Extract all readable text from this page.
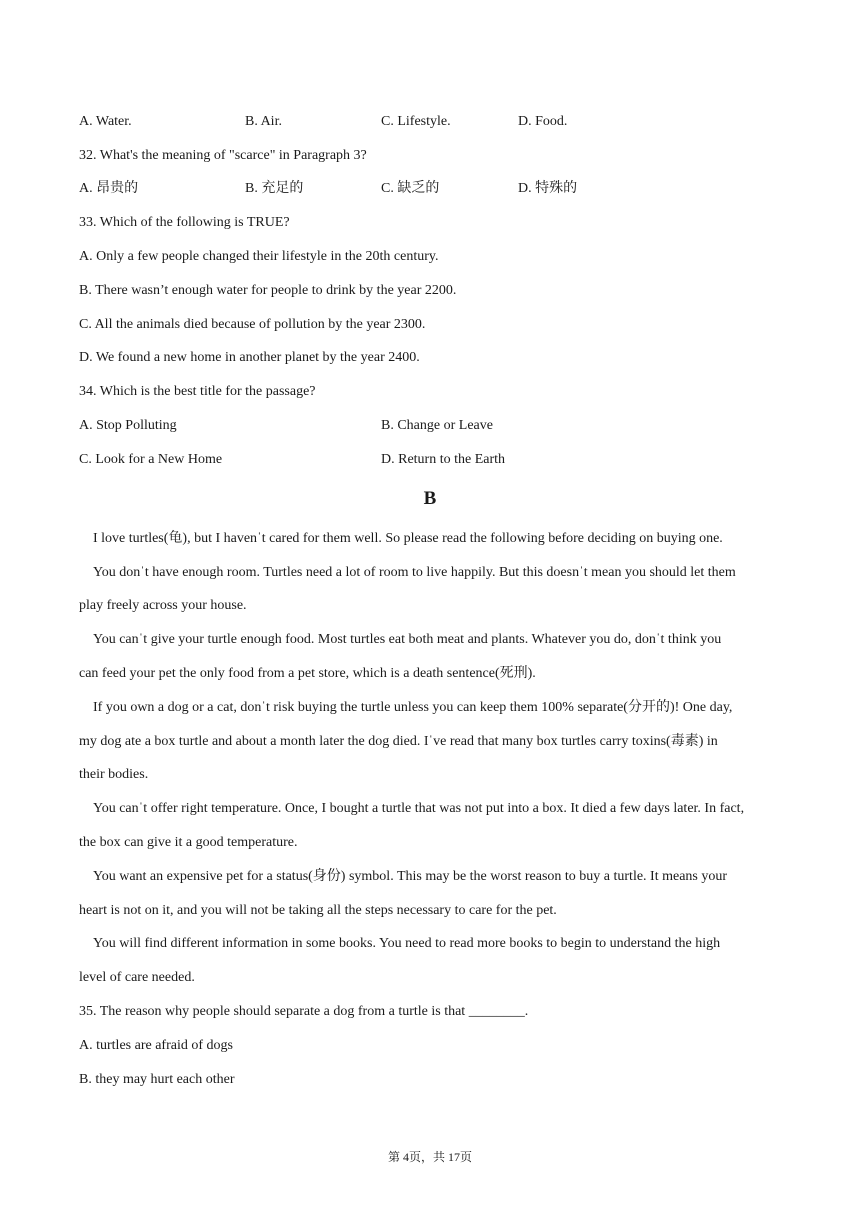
A. Water.	B. Air.	C. Lifestyle.	D. Food.
32. What's the meaning of "scarce" in Paragraph 3?
A. 昂贵的	B. 充足的	C. 缺乏的	D. 特殊的
33. Which of the following is TRUE?
A. Only a few people changed their lifestyle in the 20th century.
B. There wasn’t enough water for people to drink by the year 2200.
C. All the animals died because of pollution by the year 2300.
D. We found a new home in another planet by the year 2400.
34. Which is the best title for the passage?
A. Stop Polluting	B. Change or Leave
C. Look for a New Home	D. Return to the Earth
B
I love turtles(龟), but I havenˈt cared for them well. So please read the following before deciding on buying one.
You donˈt have enough room. Turtles need a lot of room to live happily. But this doesnˈt mean you should let them
play freely across your house.
You canˈt give your turtle enough food. Most turtles eat both meat and plants. Whatever you do, donˈt think you
can feed your pet the only food from a pet store, which is a death sentence(死刑).
If you own a dog or a cat, donˈt risk buying the turtle unless you can keep them 100% separate(分开的)! One day,
my dog ate a box turtle and about a month later the dog died. Iˈve read that many box turtles carry toxins(毒素) in
their bodies.
You canˈt offer right temperature. Once, I bought a turtle that was not put into a box. It died a few days later. In fact,
the box can give it a good temperature.
You want an expensive pet for a status(身份) symbol. This may be the worst reason to buy a turtle. It means your
heart is not on it, and you will not be taking all the steps necessary to care for the pet.
You will find different information in some books. You need to read more books to begin to understand the high
level of care needed.
35. The reason why people should separate a dog from a turtle is that ________.
A. turtles are afraid of dogs
B. they may hurt each other
第 4页，共 17页
